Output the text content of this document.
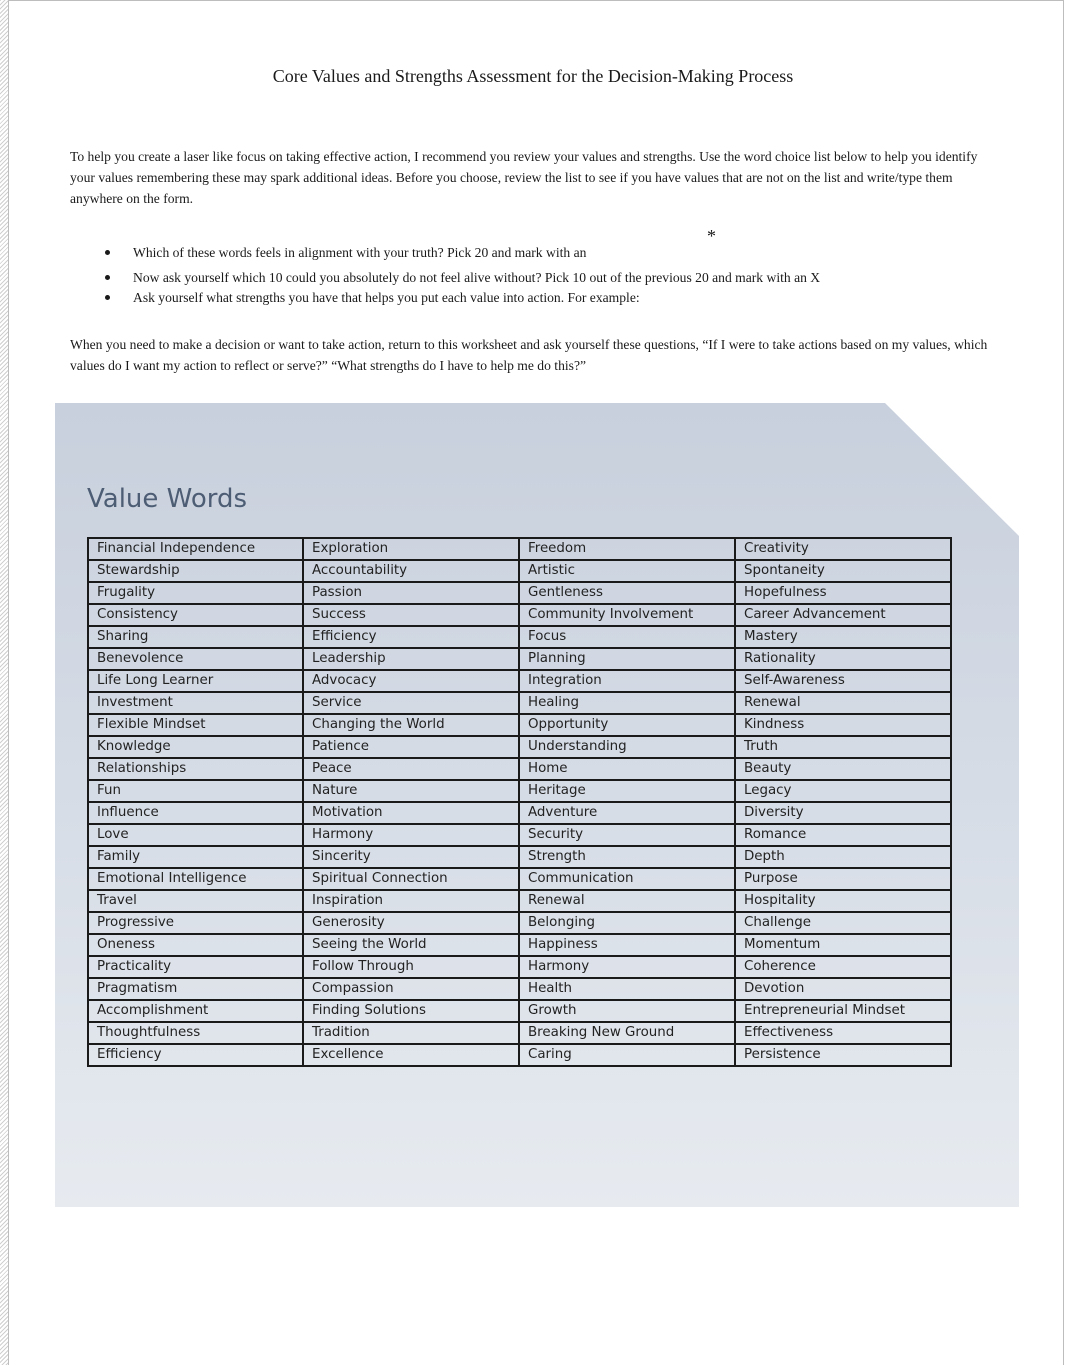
Core Values and Strengths Assessment for the Decision-Making Process

To help you create a laser like focus on taking effective action, I recommend you review your values and strengths. Use the word choice list below to help you identify your values remembering these may spark additional ideas. Before you choose, review the list to see if you have values that are not on the list and write/type them anywhere on the form.

Which of these words feels in alignment with your truth? Pick 20 and mark with an
Now ask yourself which 10 could you absolutely do not feel alive without? Pick 10 out of the previous 20 and mark with an X
Ask yourself what strengths you have that helps you put each value into action. For example:
*

When you need to make a decision or want to take action, return to this worksheet and ask yourself these questions, “If I were to take actions based on my values, which values do I want my action to reflect or serve?” “What strengths do I have to help me do this?”

Value Words
Financial Independence	Exploration	Freedom	Creativity
Stewardship	Accountability	Artistic	Spontaneity
Frugality	Passion	Gentleness	Hopefulness
Consistency	Success	Community Involvement	Career Advancement
Sharing	Efficiency	Focus	Mastery
Benevolence	Leadership	Planning	Rationality
Life Long Learner	Advocacy	Integration	Self-Awareness
Investment	Service	Healing	Renewal
Flexible Mindset	Changing the World	Opportunity	Kindness
Knowledge	Patience	Understanding	Truth
Relationships	Peace	Home	Beauty
Fun	Nature	Heritage	Legacy
Influence	Motivation	Adventure	Diversity
Love	Harmony	Security	Romance
Family	Sincerity	Strength	Depth
Emotional Intelligence	Spiritual Connection	Communication	Purpose
Travel	Inspiration	Renewal	Hospitality
Progressive	Generosity	Belonging	Challenge
Oneness	Seeing the World	Happiness	Momentum
Practicality	Follow Through	Harmony	Coherence
Pragmatism	Compassion	Health	Devotion
Accomplishment	Finding Solutions	Growth	Entrepreneurial Mindset
Thoughtfulness	Tradition	Breaking New Ground	Effectiveness
Efficiency	Excellence	Caring	Persistence
